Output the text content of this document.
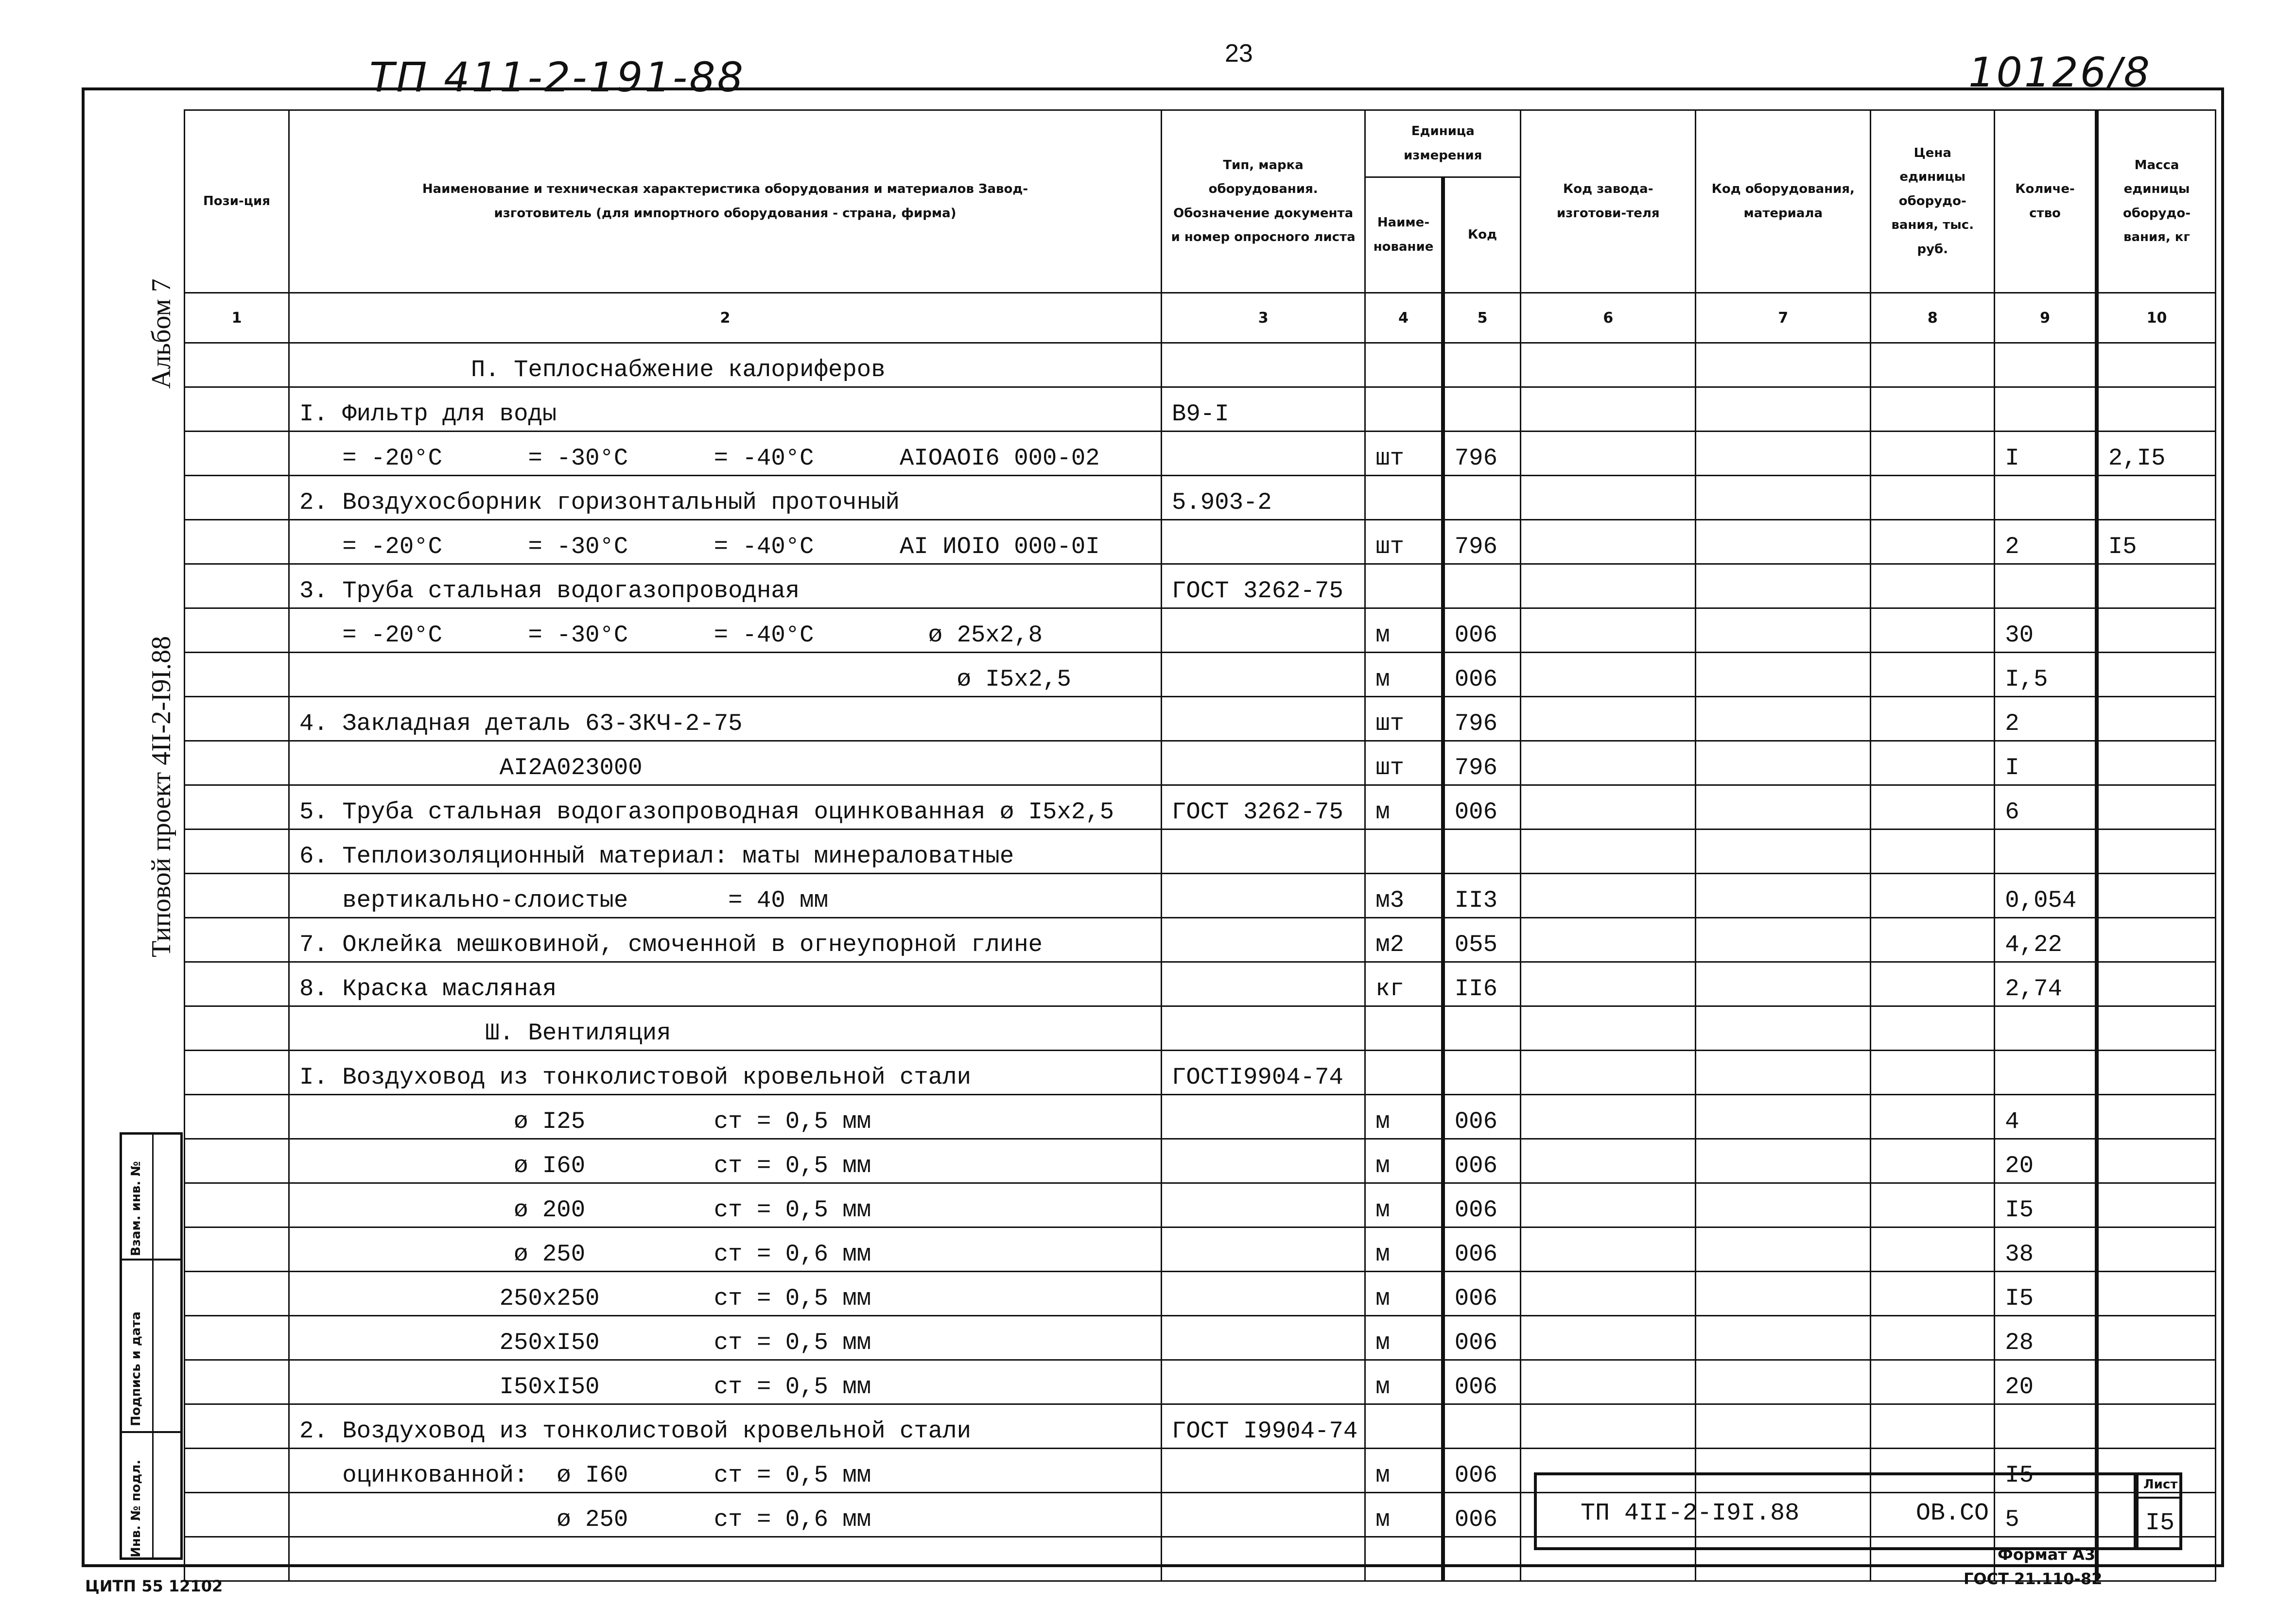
23
ТП 411-2-191-88	10126/8
Альбом 7
Типовой проект 4II-2-I9I.88
Взам. инв. №
Подпись и дата
Инв. № подл.
Пози-ция	Наименование и техническая характеристика оборудования и материалов Завод-изготовитель (для импортного оборудования - страна, фирма)	Тип, марка оборудования. Обозначение документа и номер опросного листа	Единица измерения		Код завода-изготови-теля	Код оборудования, материала	Цена единицы оборудо-вания, тыс. руб.	Количе-ство	Масса единицы оборудо-вания, кг
			Наиме-нование	Код					
1	2	3	4	5	6	7	8	9	10
	П. Теплоснабжение калориферов								
	I. Фильтр для воды	В9-I							
	= -20°C      = -30°C      = -40°C      AIOAOI6 000-02		шт	796				I	2,I5
	2. Воздухосборник горизонтальный проточный	5.903-2							
	= -20°C      = -30°C      = -40°C      AI ИOIO 000-0I		шт	796				2	I5
	3. Труба стальная водогазопроводная	ГОСТ 3262-75							
	= -20°C      = -30°C      = -40°C        ø 25x2,8		м	006				30	
	ø I5x2,5		м	006				I,5	
	4. Закладная деталь 63-3КЧ-2-75		шт	796				2	
	AI2A023000		шт	796				I	
	5. Труба стальная водогазопроводная оцинкованная ø I5x2,5	ГОСТ 3262-75	м	006				6	
	6. Теплоизоляционный материал: маты минераловатные								
	вертикально-слоистые       = 40 мм		м3	II3				0,054	
	7. Оклейка мешковиной, смоченной в огнеупорной глине		м2	055				4,22	
	8. Краска масляная		кг	II6				2,74	
	Ш. Вентиляция								
	I. Воздуховод из тонколистовой кровельной стали	ГОСТI9904-74							
	ø I25         ст = 0,5 мм		м	006				4	
	ø I60         ст = 0,5 мм		м	006				20	
	ø 200         ст = 0,5 мм		м	006				I5	
	ø 250         ст = 0,6 мм		м	006				38	
	250x250        ст = 0,5 мм		м	006				I5	
	250xI50        ст = 0,5 мм		м	006				28	
	I50xI50        ст = 0,5 мм		м	006				20	
	2. Воздуховод из тонколистовой кровельной стали	ГОСТ I9904-74							
	оцинкованной:  ø I60      ст = 0,5 мм		м	006				I5	
	ø 250      ст = 0,6 мм		м	006				5	

ТП 4II-2-I9I.88	ОВ.СО
Лист
I5
Формат А3
ГОСТ 21.110-82
ЦИТП 55 12102
